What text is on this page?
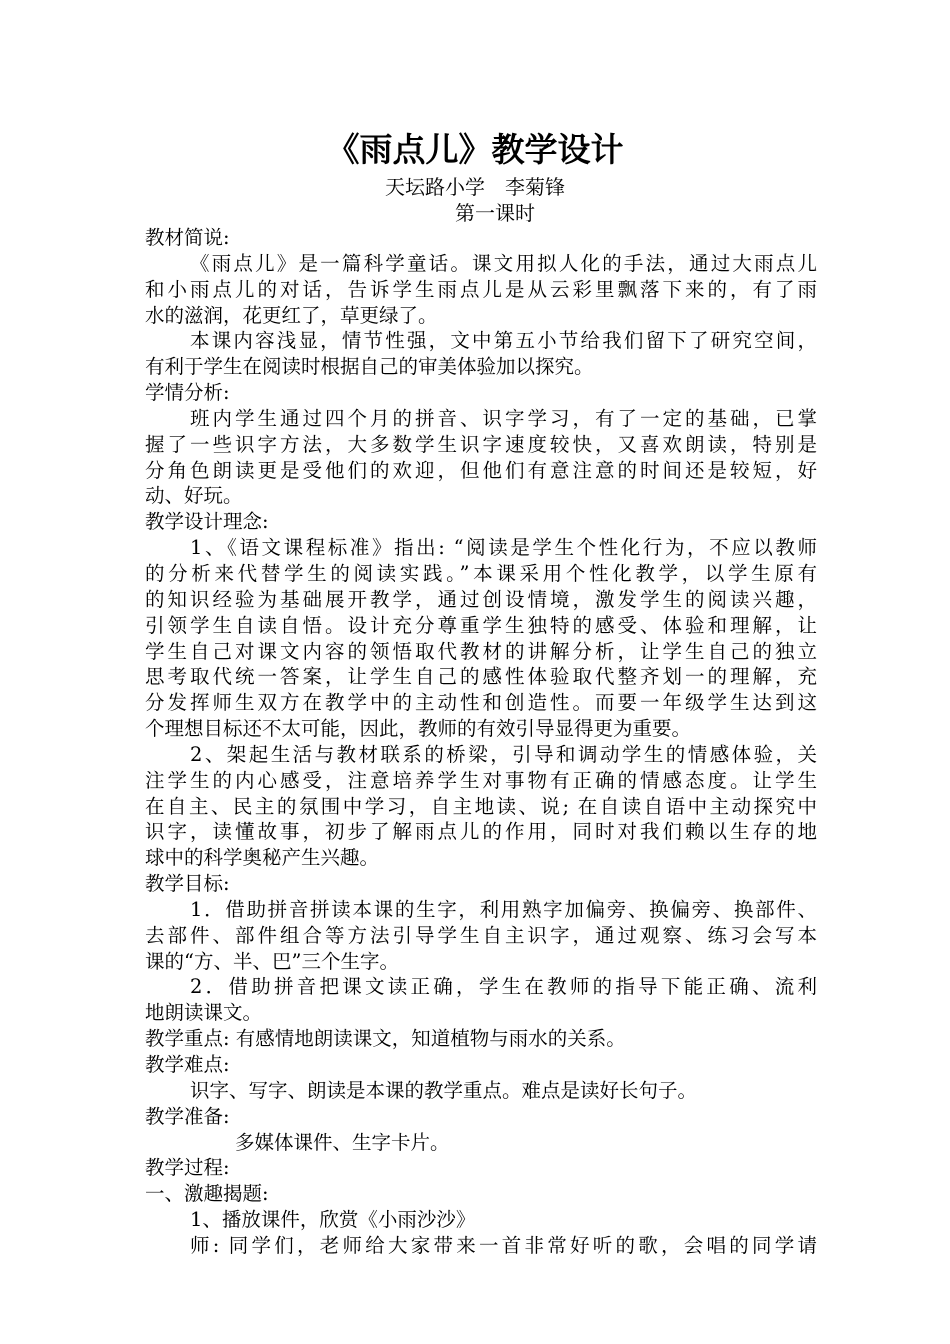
《雨点儿》教学设计
天坛路小学　李菊锋
第一课时
教材简说:
《雨点儿》是一篇科学童话。课文用拟人化的手法，通过大雨点儿
和小雨点儿的对话，告诉学生雨点儿是从云彩里飘落下来的，有了雨
水的滋润，花更红了，草更绿了。
本课内容浅显，情节性强，文中第五小节给我们留下了研究空间，
有利于学生在阅读时根据自己的审美体验加以探究。
学情分析:
班内学生通过四个月的拼音、识字学习，有了一定的基础，已掌
握了一些识字方法，大多数学生识字速度较快，又喜欢朗读，特别是
分角色朗读更是受他们的欢迎，但他们有意注意的时间还是较短，好
动、好玩。
教学设计理念:
1、《语文课程标准》指出: “阅读是学生个性化行为，不应以教师
的分析来代替学生的阅读实践。”本课采用个性化教学，以学生原有
的知识经验为基础展开教学，通过创设情境，激发学生的阅读兴趣，
引领学生自读自悟。设计充分尊重学生独特的感受、体验和理解，让
学生自己对课文内容的领悟取代教材的讲解分析，让学生自己的独立
思考取代统一答案，让学生自己的感性体验取代整齐划一的理解，充
分发挥师生双方在教学中的主动性和创造性。而要一年级学生达到这
个理想目标还不太可能，因此，教师的有效引导显得更为重要。
2、架起生活与教材联系的桥梁，引导和调动学生的情感体验，关
注学生的内心感受，注意培养学生对事物有正确的情感态度。让学生
在自主、民主的氛围中学习，自主地读、说; 在自读自语中主动探究中
识字，读懂故事，初步了解雨点儿的作用，同时对我们赖以生存的地
球中的科学奥秘产生兴趣。
教学目标:
1．借助拼音拼读本课的生字，利用熟字加偏旁、换偏旁、换部件、
去部件、部件组合等方法引导学生自主识字，通过观察、练习会写本
课的“方、半、巴”三个生字。
2．借助拼音把课文读正确，学生在教师的指导下能正确、流利
地朗读课文。
教学重点: 有感情地朗读课文，知道植物与雨水的关系。
教学难点:
识字、写字、朗读是本课的教学重点。难点是读好长句子。
教学准备:
多媒体课件、生字卡片。
教学过程:
一、激趣揭题:
1、播放课件，欣赏《小雨沙沙》
师: 同学们，老师给大家带来一首非常好听的歌，会唱的同学请
